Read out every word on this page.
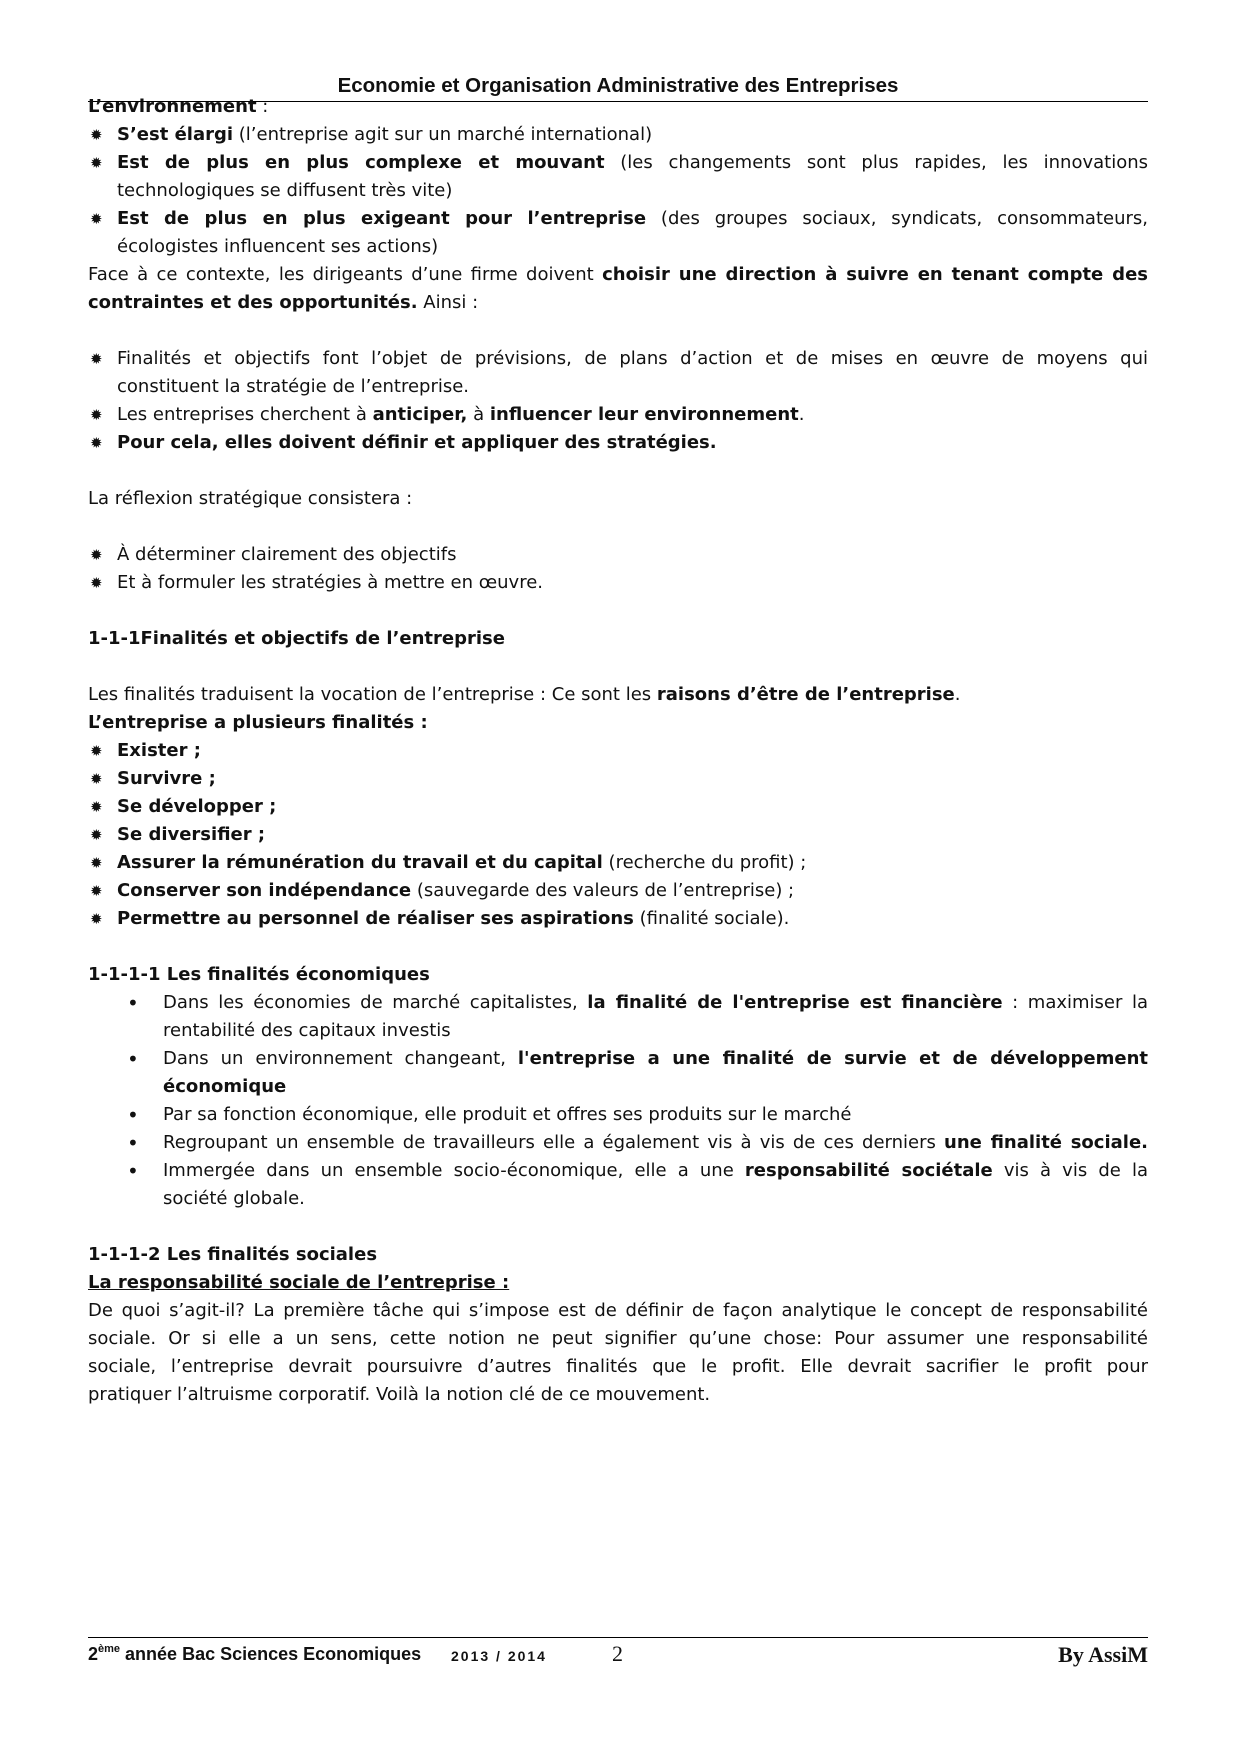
Economie et Organisation Administrative des Entreprises
L’environnement :
✹ S’est élargi (l’entreprise agit sur un marché international)
✹ Est de plus en plus complexe et mouvant (les changements sont plus rapides, les innovations
technologiques se diffusent très vite)
✹ Est de plus en plus exigeant pour l’entreprise (des groupes sociaux, syndicats, consommateurs,
écologistes influencent ses actions)
Face à ce contexte, les dirigeants d’une firme doivent choisir une direction à suivre en tenant compte des
contraintes et des opportunités. Ainsi :
✹ Finalités et objectifs font l’objet de prévisions, de plans d’action et de mises en œuvre de moyens qui
constituent la stratégie de l’entreprise.
✹ Les entreprises cherchent à anticiper, à influencer leur environnement.
✹ Pour cela, elles doivent définir et appliquer des stratégies.
La réflexion stratégique consistera :
✹ À déterminer clairement des objectifs
✹ Et à formuler les stratégies à mettre en œuvre.
1-1-1Finalités et objectifs de l’entreprise
Les finalités traduisent la vocation de l’entreprise : Ce sont les raisons d’être de l’entreprise.
L’entreprise a plusieurs finalités :
✹ Exister ;
✹ Survivre ;
✹ Se développer ;
✹ Se diversifier ;
✹ Assurer la rémunération du travail et du capital (recherche du profit) ;
✹ Conserver son indépendance (sauvegarde des valeurs de l’entreprise) ;
✹ Permettre au personnel de réaliser ses aspirations (finalité sociale).
1-1-1-1 Les finalités économiques
• Dans les économies de marché capitalistes, la finalité de l'entreprise est financière : maximiser la
rentabilité des capitaux investis
• Dans un environnement changeant, l'entreprise a une finalité de survie et de développement
économique
• Par sa fonction économique, elle produit et offres ses produits sur le marché
• Regroupant un ensemble de travailleurs elle a également vis à vis de ces derniers une finalité sociale.
• Immergée dans un ensemble socio-économique, elle a une responsabilité sociétale vis à vis de la
société globale.
1-1-1-2 Les finalités sociales
La responsabilité sociale de l’entreprise :
De quoi s’agit-il? La première tâche qui s’impose est de définir de façon analytique le concept de responsabilité
sociale. Or si elle a un sens, cette notion ne peut signifier qu’une chose: Pour assumer une responsabilité
sociale, l’entreprise devrait poursuivre d’autres finalités que le profit. Elle devrait sacrifier le profit pour
pratiquer l’altruisme corporatif. Voilà la notion clé de ce mouvement.
2ème année Bac Sciences Economiques 2013 / 2014	2	By AssiM
